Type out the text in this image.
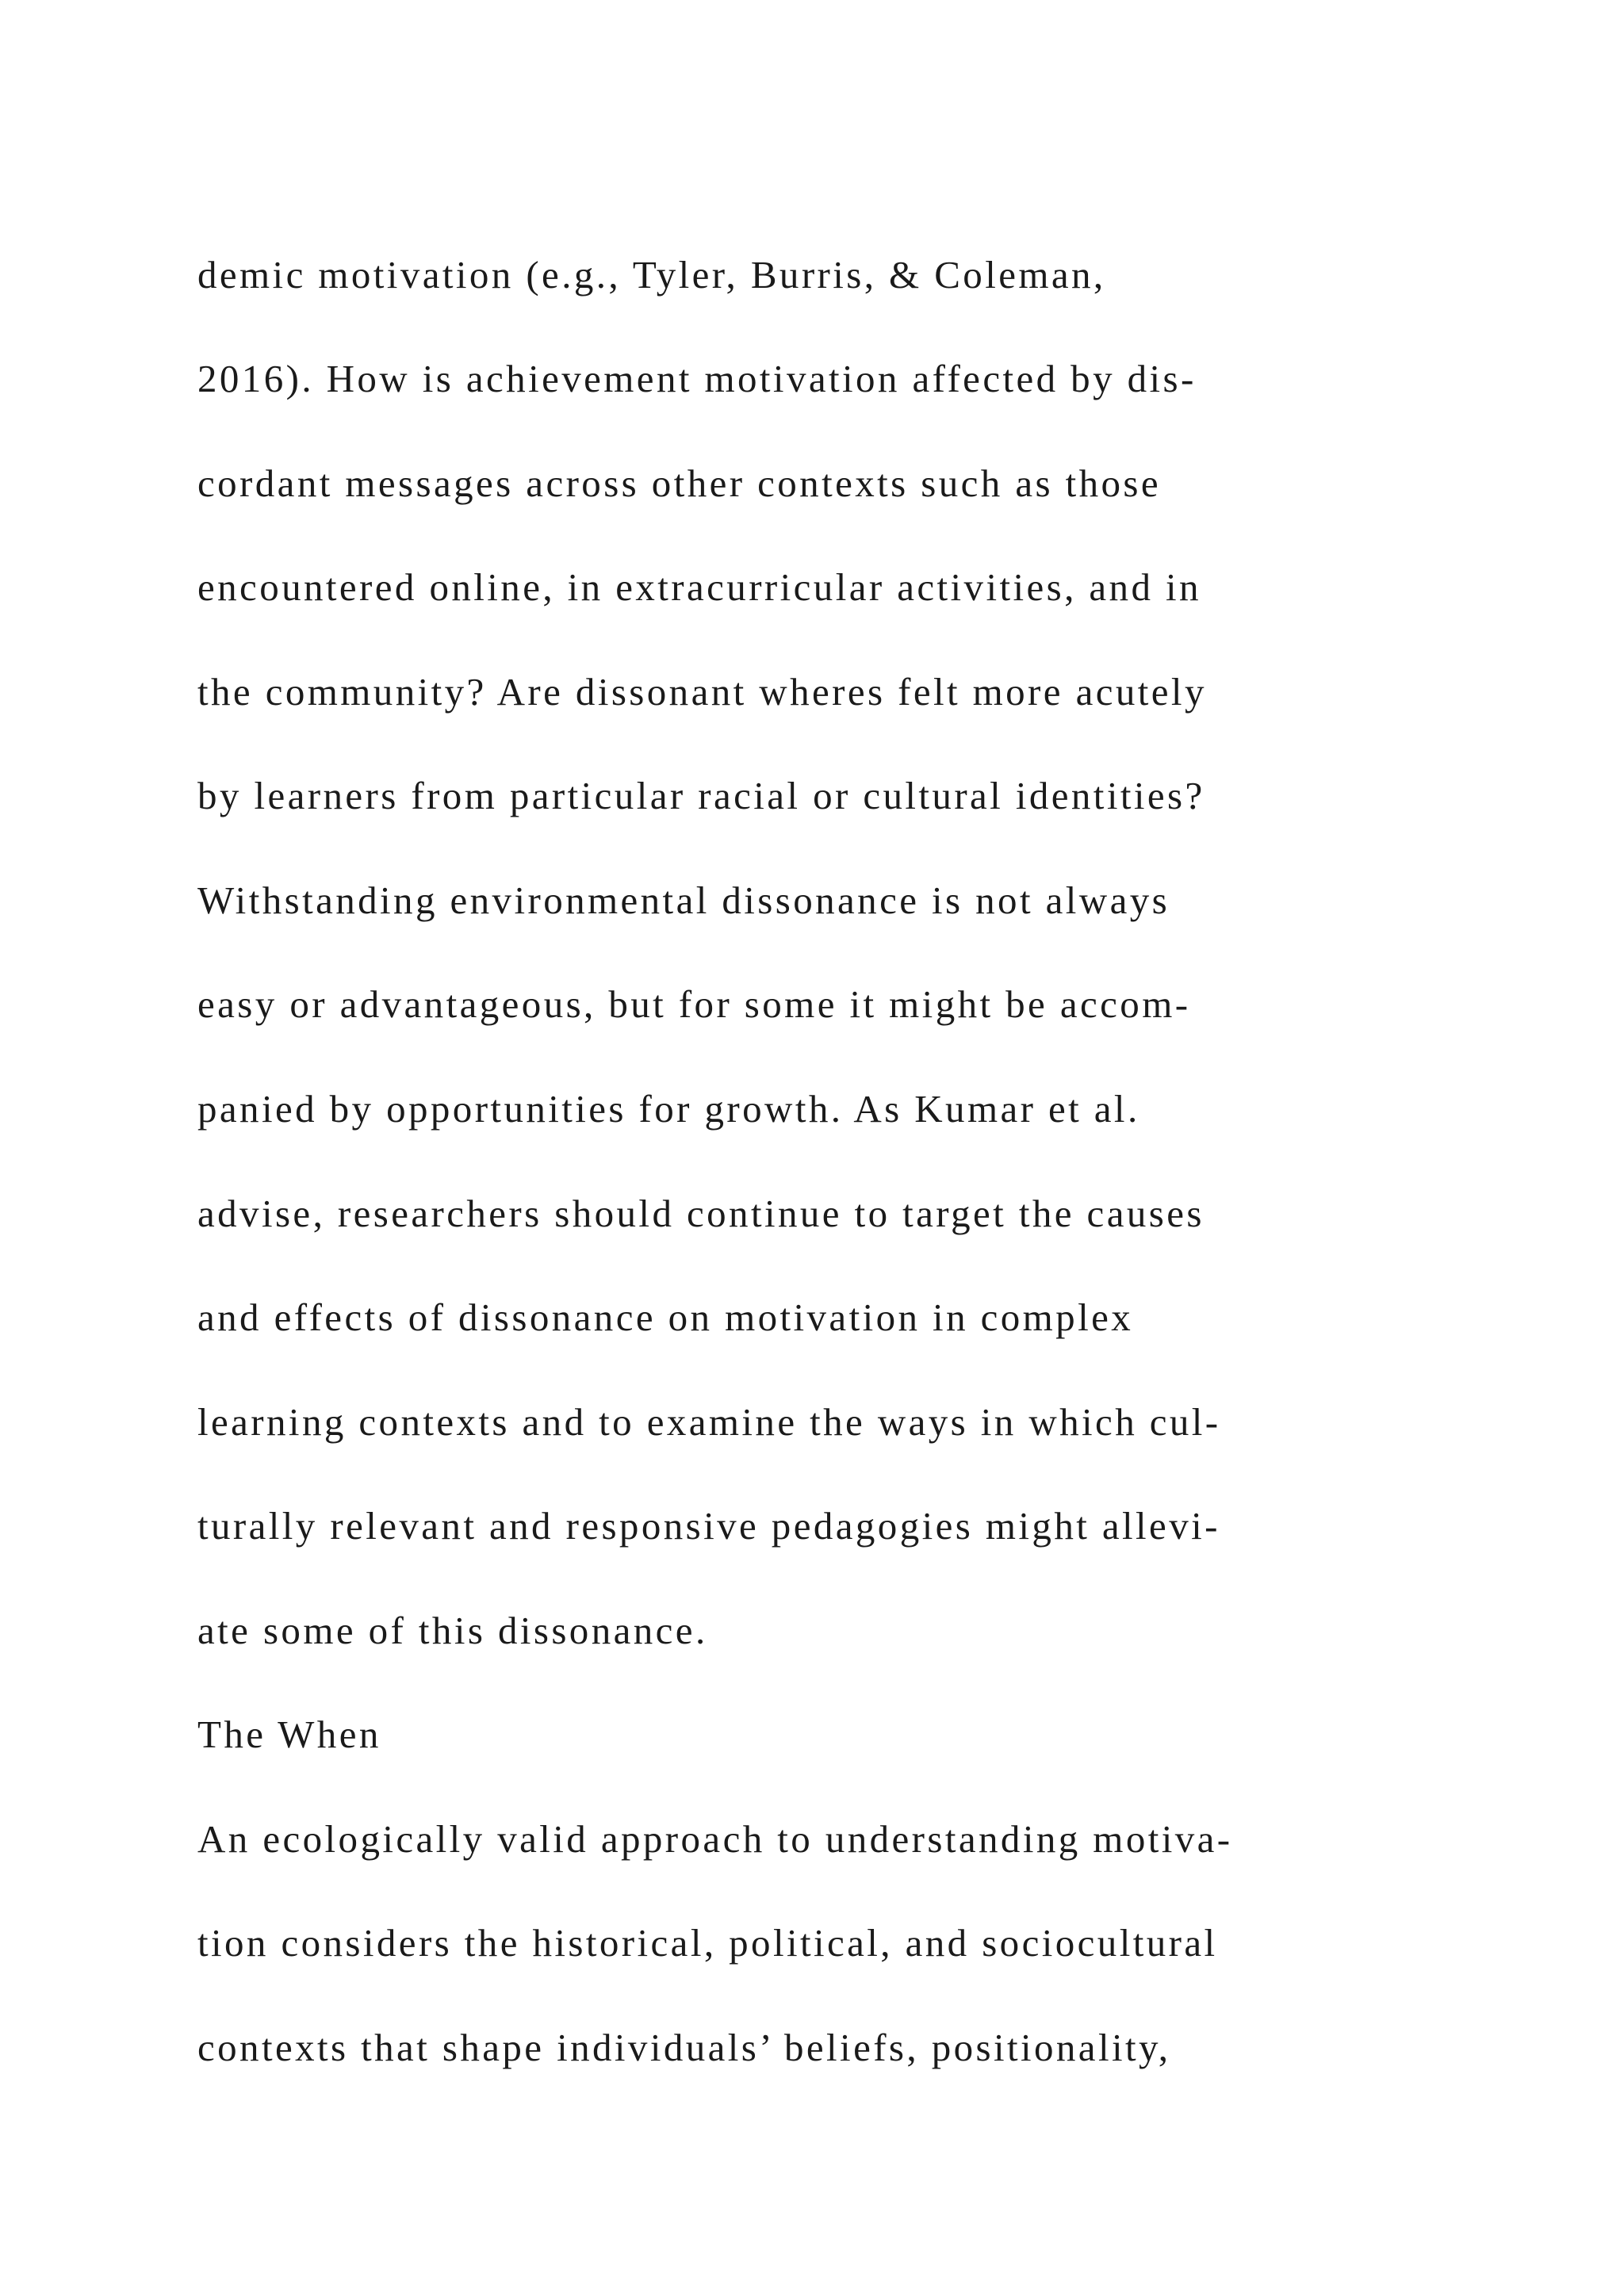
demic motivation (e.g., Tyler, Burris, & Coleman,
2016). How is achievement motivation affected by dis-
cordant messages across other contexts such as those
encountered online, in extracurricular activities, and in
the community? Are dissonant wheres felt more acutely
by learners from particular racial or cultural identities?
Withstanding environmental dissonance is not always
easy or advantageous, but for some it might be accom-
panied by opportunities for growth. As Kumar et al.
advise, researchers should continue to target the causes
and effects of dissonance on motivation in complex
learning contexts and to examine the ways in which cul-
turally relevant and responsive pedagogies might allevi-
ate some of this dissonance.
The When
An ecologically valid approach to understanding motiva-
tion considers the historical, political, and sociocultural
contexts that shape individuals’ beliefs, positionality,
